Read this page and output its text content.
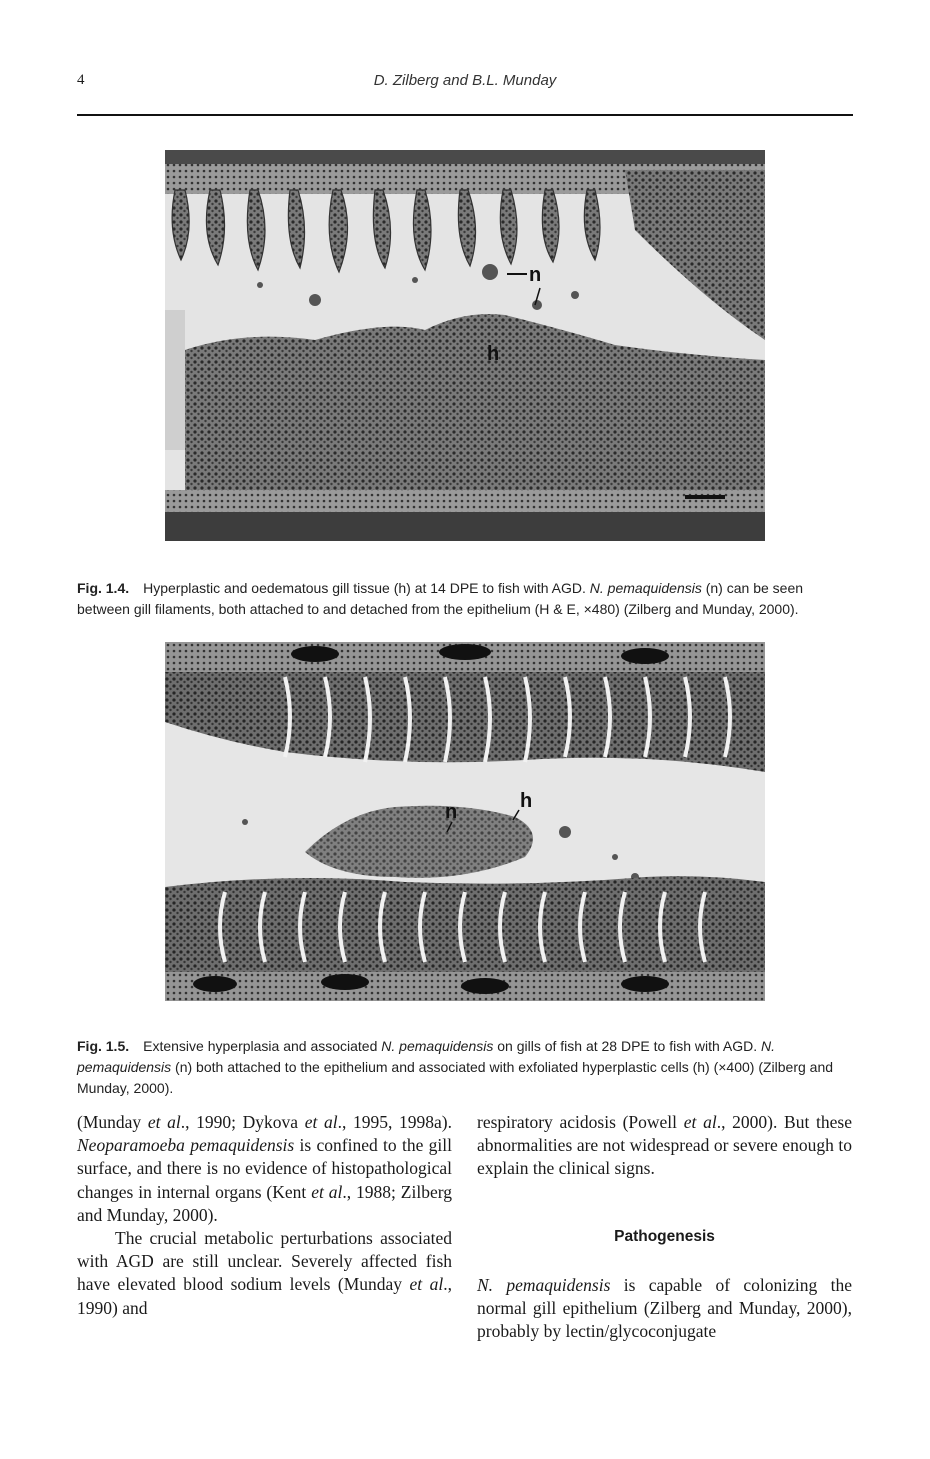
4	D. Zilberg and B.L. Munday
n
h

Fig. 1.4. Hyperplastic and oedematous gill tissue (h) at 14 DPE to fish with AGD. N. pemaquidensis (n) can be seen between gill filaments, both attached to and detached from the epithelium (H & E, ×480) (Zilberg and Munday, 2000).

n	h

Fig. 1.5. Extensive hyperplasia and associated N. pemaquidensis on gills of fish at 28 DPE to fish with AGD. N. pemaquidensis (n) both attached to the epithelium and associated with exfoliated hyperplastic cells (h) (×400) (Zilberg and Munday, 2000).

(Munday et al., 1990; Dykova et al., 1995, 1998a). Neoparamoeba pemaquidensis is confined to the gill surface, and there is no evidence of histopathological changes in internal organs (Kent et al., 1988; Zilberg and Munday, 2000).

The crucial metabolic perturbations associated with AGD are still unclear. Severely affected fish have elevated blood sodium levels (Munday et al., 1990) and

respiratory acidosis (Powell et al., 2000). But these abnormalities are not widespread or severe enough to explain the clinical signs.

Pathogenesis

N. pemaquidensis is capable of colonizing the normal gill epithelium (Zilberg and Munday, 2000), probably by lectin/glycoconjugate
